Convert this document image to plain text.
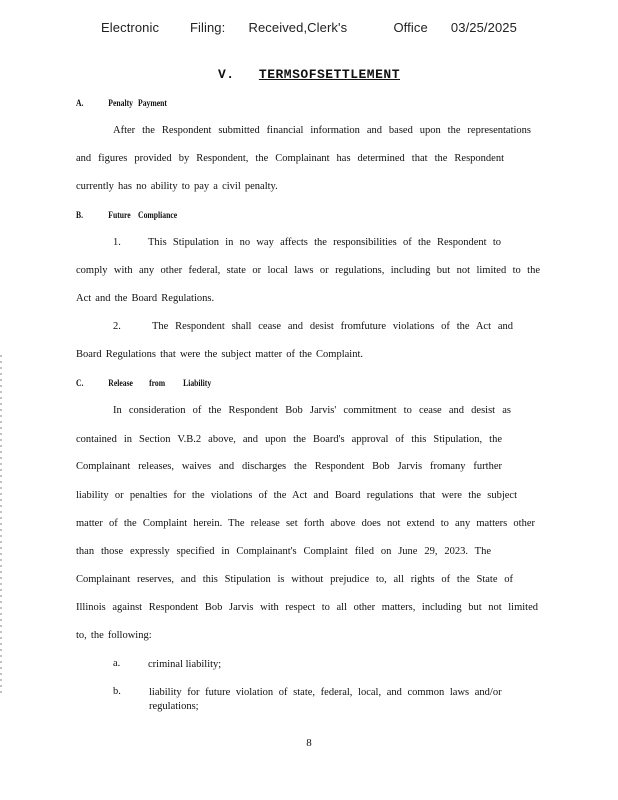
Electronic    Filing:   Received,Clerk's      Office   03/25/2025
V. TERMSOFSETTLEMENT
A.	Penalty Payment
After the Respondent submitted financial information and based upon the representations
and figures provided by Respondent, the Complainant has determined that the Respondent
currently has no ability to pay a civil penalty.
B.	Future Compliance
1.	This Stipulation in no way affects the responsibilities of the Respondent to
comply with any other federal, state or local laws or regulations, including but not limited to the
Act and the Board Regulations.
2.	The Respondent shall cease and desist fromfuture violations of the Act and
Board Regulations that were the subject matter of the Complaint.
C.	Release from Liability
In consideration of the Respondent Bob Jarvis' commitment to cease and desist as
contained in Section V.B.2 above, and upon the Board's approval of this Stipulation, the
Complainant releases, waives and discharges the Respondent Bob Jarvis fromany further
liability or penalties for the violations of the Act and Board regulations that were the subject
matter of the Complaint herein. The release set forth above does not extend to any matters other
than those expressly specified in Complainant's Complaint filed on June 29, 2023. The
Complainant reserves, and this Stipulation is without prejudice to, all rights of the State of
Illinois against Respondent Bob Jarvis with respect to all other matters, including but not limited
to, the following:
a.	criminal liability;
b.	liability for future violation of state, federal, local, and common laws and/or regulations;
8
